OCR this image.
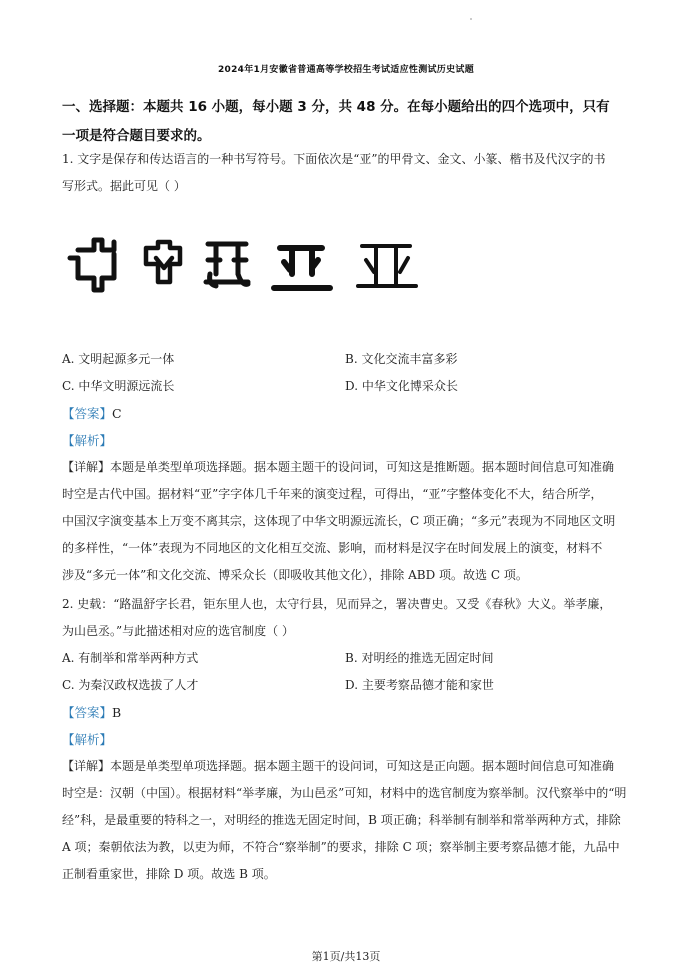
2024年1月安徽省普通高等学校招生考试适应性测试历史试题
一、选择题：本题共 16 小题，每小题 3 分，共 48 分。在每小题给出的四个选项中，只有
一项是符合题目要求的。
1. 文字是保存和传达语言的一种书写符号。下面依次是“亚”的甲骨文、金文、小篆、楷书及代汉字的书
写形式。据此可见（ ）
A. 文明起源多元一体	B. 文化交流丰富多彩
C. 中华文明源远流长	D. 中华文化博采众长
【答案】C
【解析】
【详解】本题是单类型单项选择题。据本题主题干的设问词，可知这是推断题。据本题时间信息可知准确
时空是古代中国。据材料“亚”字字体几千年来的演变过程，可得出，“亚”字整体变化不大，结合所学，
中国汉字演变基本上万变不离其宗，这体现了中华文明源远流长，C 项正确；“多元”表现为不同地区文明
的多样性，“一体”表现为不同地区的文化相互交流、影响，而材料是汉字在时间发展上的演变，材料不
涉及“多元一体”和文化交流、博采众长（即吸收其他文化），排除 ABD 项。故选 C 项。
2. 史载：“路温舒字长君，钜东里人也，太守行县，见而异之，署决曹史。又受《春秋》大义。举孝廉，
为山邑丞。”与此描述相对应的选官制度（ ）
A. 有制举和常举两种方式	B. 对明经的推选无固定时间
C. 为秦汉政权选拔了人才	D. 主要考察品德才能和家世
【答案】B
【解析】
【详解】本题是单类型单项选择题。据本题主题干的设问词，可知这是正向题。据本题时间信息可知准确
时空是：汉朝（中国）。根据材料“举孝廉，为山邑丞”可知，材料中的选官制度为察举制。汉代察举中的“明
经”科，是最重要的特科之一，对明经的推选无固定时间，B 项正确；科举制有制举和常举两种方式，排除
A 项；秦朝依法为教，以吏为师，不符合“察举制”的要求，排除 C 项；察举制主要考察品德才能，九品中
正制看重家世，排除 D 项。故选 B 项。
第1页/共13页
